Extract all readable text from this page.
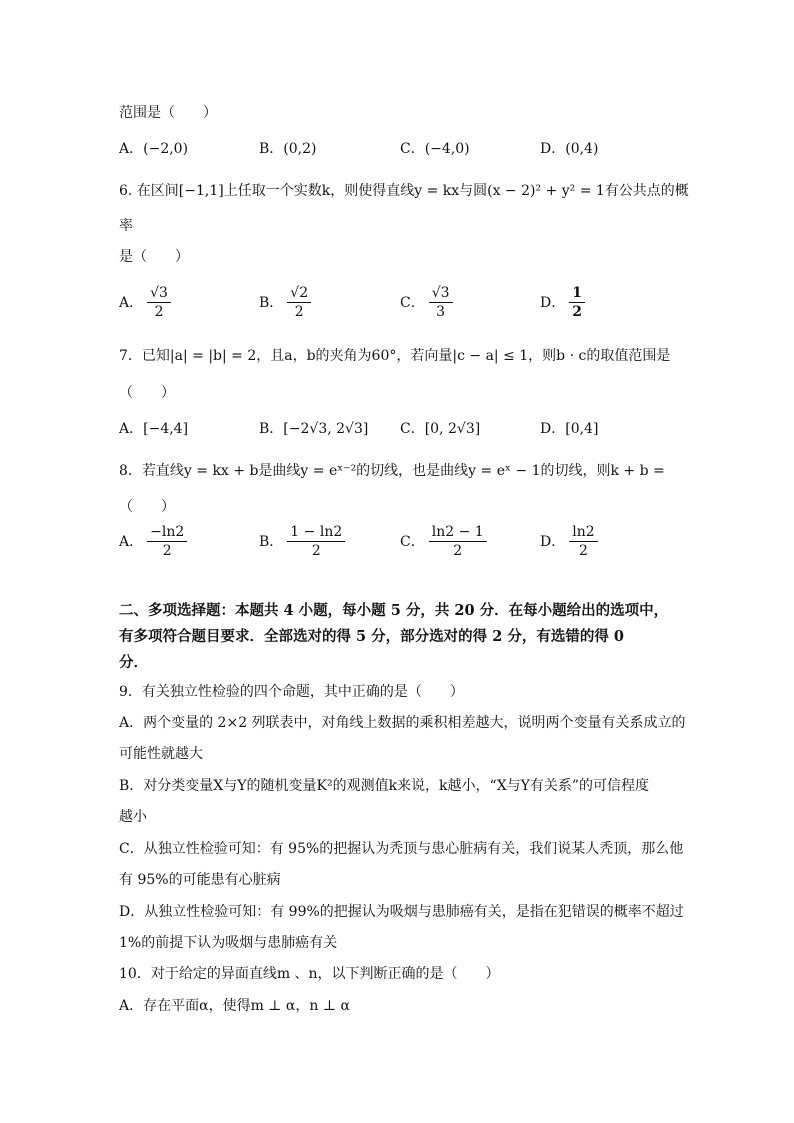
范围是（　　）
A．(−2,0)	B．(0,2)	C．(−4,0)	D．(0,4)
6. 在区间[−1,1]上任取一个实数k，则使得直线y = kx与圆(x − 2)² + y² = 1有公共点的概
率
是（　　）
A． $\frac{√3}{2}$	B． $\frac{√2}{2}$	C． $\frac{√3}{3}$	D． $\frac{1}{2}$
7．已知|a| = |b| = 2，且a，b的夹角为60°，若向量|c − a| ≤ 1，则b · c的取值范围是
（　　）
A．[−4,4]	B．[−2√3, 2√3] C．[0, 2√3]	D．[0,4]
8．若直线y = kx + b是曲线y = eˣ⁻²的切线，也是曲线y = eˣ − 1的切线，则k + b =
（　　）
A． $\frac{-\ln 2}{2}$	B． $\frac{1 - \ln 2}{2}$	C． $\frac{\ln 2 - 1}{2}$	D． $\frac{\ln 2}{2}$
二、多项选择题：本题共 4 小题，每小题 5 分，共 20 分．在每小题给出的选项中，
有多项符合题目要求．全部选对的得 5 分，部分选对的得 2 分，有选错的得 0
分．
9．有关独立性检验的四个命题，其中正确的是（　　）
A．两个变量的 2×2 列联表中，对角线上数据的乘积相差越大，说明两个变量有关系成立的
可能性就越大
B．对分类变量X与Y的随机变量K²的观测值k来说，k越小，“X与Y有关系”的可信程度
越小
C．从独立性检验可知：有 95%的把握认为秃顶与患心脏病有关，我们说某人秃顶，那么他
有 95%的可能患有心脏病
D．从独立性检验可知：有 99%的把握认为吸烟与患肺癌有关，是指在犯错误的概率不超过
1%的前提下认为吸烟与患肺癌有关
10．对于给定的异面直线m 、n，以下判断正确的是（　　）
A．存在平面α，使得m ⊥ α，n ⊥ α
